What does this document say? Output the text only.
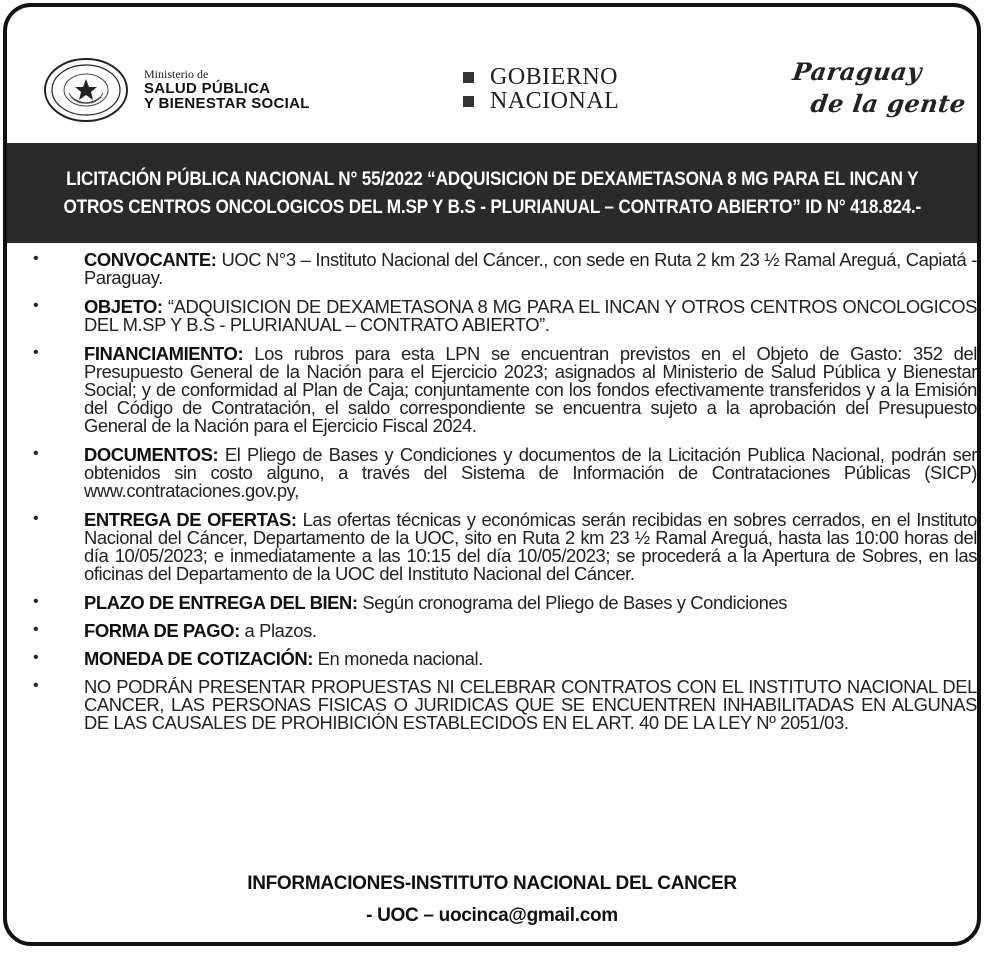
Ministerio de
SALUD PÚBLICA
Y BIENESTAR SOCIAL
GOBIERNO
NACIONAL
Paraguay
de la gente
LICITACIÓN PÚBLICA NACIONAL N° 55/2022 “ADQUISICION DE DEXAMETASONA 8 MG PARA EL INCAN Y
OTROS CENTROS ONCOLOGICOS DEL M.SP Y B.S - PLURIANUAL – CONTRATO ABIERTO” ID N° 418.824.-
• CONVOCANTE: UOC N°3 – Instituto Nacional del Cáncer., con sede en Ruta 2 km 23 ½ Ramal Areguá, Capiatá - Paraguay.
• OBJETO: “ADQUISICION DE DEXAMETASONA 8 MG PARA EL INCAN Y OTROS CENTROS ONCOLOGICOS DEL M.SP Y B.S - PLURIANUAL – CONTRATO ABIERTO”.
• FINANCIAMIENTO: Los rubros para esta LPN se encuentran previstos en el Objeto de Gasto: 352 del Presupuesto General de la Nación para el Ejercicio 2023; asignados al Ministerio de Salud Pública y Bienestar Social; y de conformidad al Plan de Caja; conjuntamente con los fondos efectivamente transferidos y a la Emisión del Código de Contratación, el saldo correspondiente se encuentra sujeto a la aprobación del Presupuesto General de la Nación para el Ejercicio Fiscal 2024.
• DOCUMENTOS: El Pliego de Bases y Condiciones y documentos de la Licitación Publica Nacional, podrán ser obtenidos sin costo alguno, a través del Sistema de Información de Contrataciones Públicas (SICP) www.contrataciones.gov.py,
• ENTREGA DE OFERTAS: Las ofertas técnicas y económicas serán recibidas en sobres cerrados, en el Instituto Nacional del Cáncer, Departamento de la UOC, sito en Ruta 2 km 23 ½ Ramal Areguá, hasta las 10:00 horas del día 10/05/2023; e inmediatamente a las 10:15 del día 10/05/2023; se procederá a la Apertura de Sobres, en las oficinas del Departamento de la UOC del Instituto Nacional del Cáncer.
• PLAZO DE ENTREGA DEL BIEN: Según cronograma del Pliego de Bases y Condiciones
• FORMA DE PAGO: a Plazos.
• MONEDA DE COTIZACIÓN: En moneda nacional.
• NO PODRÁN PRESENTAR PROPUESTAS NI CELEBRAR CONTRATOS CON EL INSTITUTO NACIONAL DEL CANCER, LAS PERSONAS FISICAS O JURIDICAS QUE SE ENCUENTREN INHABILITADAS EN ALGUNAS DE LAS CAUSALES DE PROHIBICIÓN ESTABLECIDOS EN EL ART. 40 DE LA LEY Nº 2051/03.
INFORMACIONES-INSTITUTO NACIONAL DEL CANCER
- UOC – uocinca@gmail.com
